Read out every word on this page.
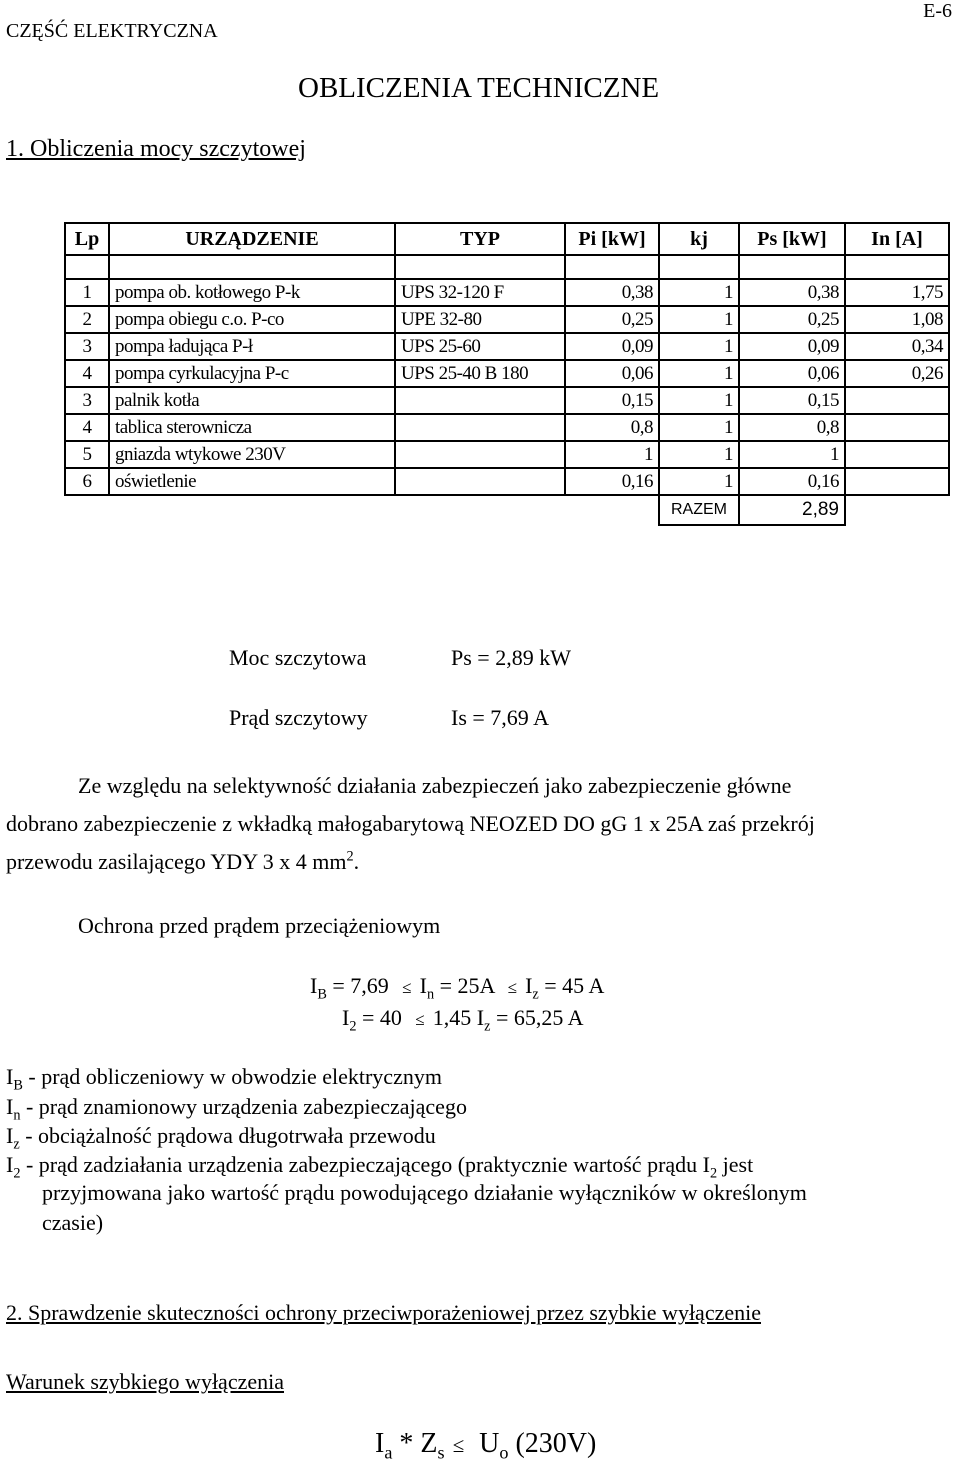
CZĘŚĆ ELEKTRYCZNA
E-6
OBLICZENIA TECHNICZNE
1. Obliczenia mocy szczytowej
Lp	URZĄDZENIE	TYP	Pi [kW]	kj	Ps [kW]	In [A]

1	pompa ob. kotłowego P-k	UPS 32-120 F	0,38	1	0,38	1,75
2	pompa obiegu c.o. P-co	UPE 32-80	0,25	1	0,25	1,08
3	pompa ładująca P-ł	UPS 25-60	0,09	1	0,09	0,34
4	pompa cyrkulacyjna P-c	UPS 25-40 B 180	0,06	1	0,06	0,26
3	palnik kotła		0,15	1	0,15	
4	tablica sterownicza		0,8	1	0,8	
5	gniazda wtykowe 230V		1	1	1	
6	oświetlenie		0,16	1	0,16	
				RAZEM	2,89	
Moc szczytowa	Ps = 2,89 kW
Prąd szczytowy	Is = 7,69 A
Ze względu na selektywność działania zabezpieczeń jako zabezpieczenie główne
dobrano zabezpieczenie z wkładką małogabarytową NEOZED DO gG 1 x 25A zaś przekrój
przewodu zasilającego YDY 3 x 4 $mm^2$.
Ochrona przed prądem przeciążeniowym
$I_B = 7,69 \le I_n = 25A \le I_z = 45$ A
$I_2 = 40 \le 1,45$ $I_z = 65,25$ A
$I_B$ - prąd obliczeniowy w obwodzie elektrycznym
$I_n$ - prąd znamionowy urządzenia zabezpieczającego
$I_z$ - obciążalność prądowa długotrwała przewodu
$I_2$ - prąd zadziałania urządzenia zabezpieczającego (praktycznie wartość prądu $I_2$ jest
przyjmowana jako wartość prądu powodującego działanie wyłączników w określonym
czasie)
2. Sprawdzenie skuteczności ochrony przeciwporażeniowej przez szybkie wyłączenie
Warunek szybkiego wyłączenia
$I_a * Z_s \le U_o$ (230V)
